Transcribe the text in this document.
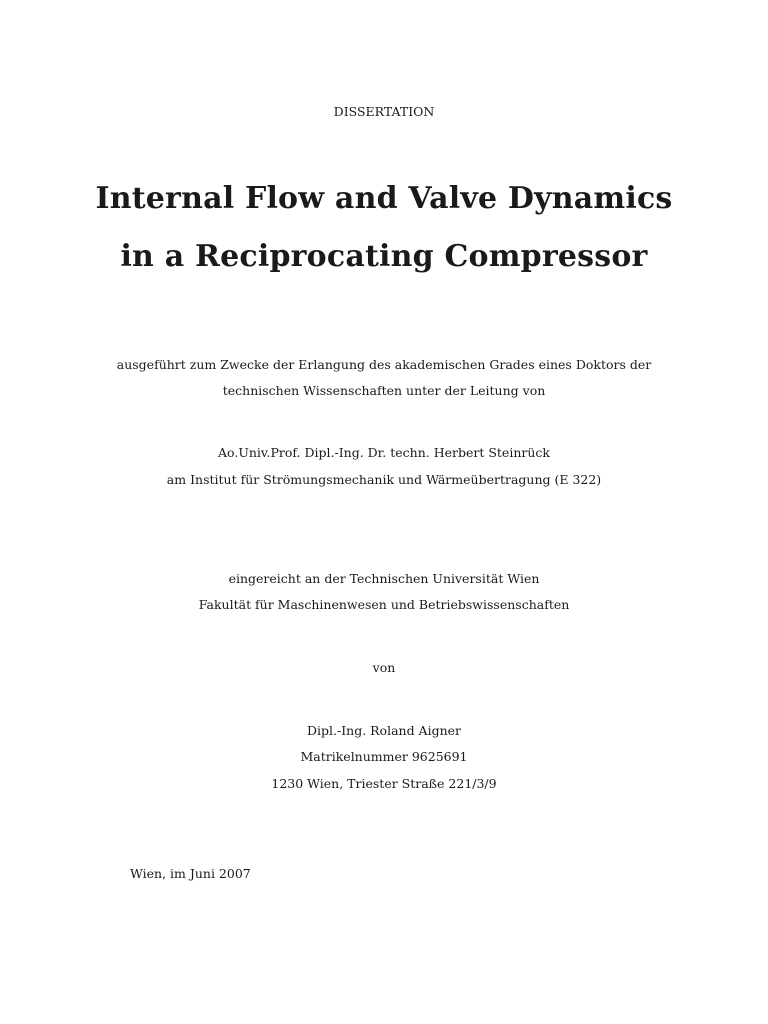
DISSERTATION
Internal Flow and Valve Dynamics
in a Reciprocating Compressor
ausgeführt zum Zwecke der Erlangung des akademischen Grades eines Doktors der
technischen Wissenschaften unter der Leitung von
Ao.Univ.Prof. Dipl.-Ing. Dr. techn. Herbert Steinrück
am Institut für Strömungsmechanik und Wärmeübertragung (E 322)
eingereicht an der Technischen Universität Wien
Fakultät für Maschinenwesen und Betriebswissenschaften
von
Dipl.-Ing. Roland Aigner
Matrikelnummer 9625691
1230 Wien, Triester Straße 221/3/9
Wien, im Juni 2007
